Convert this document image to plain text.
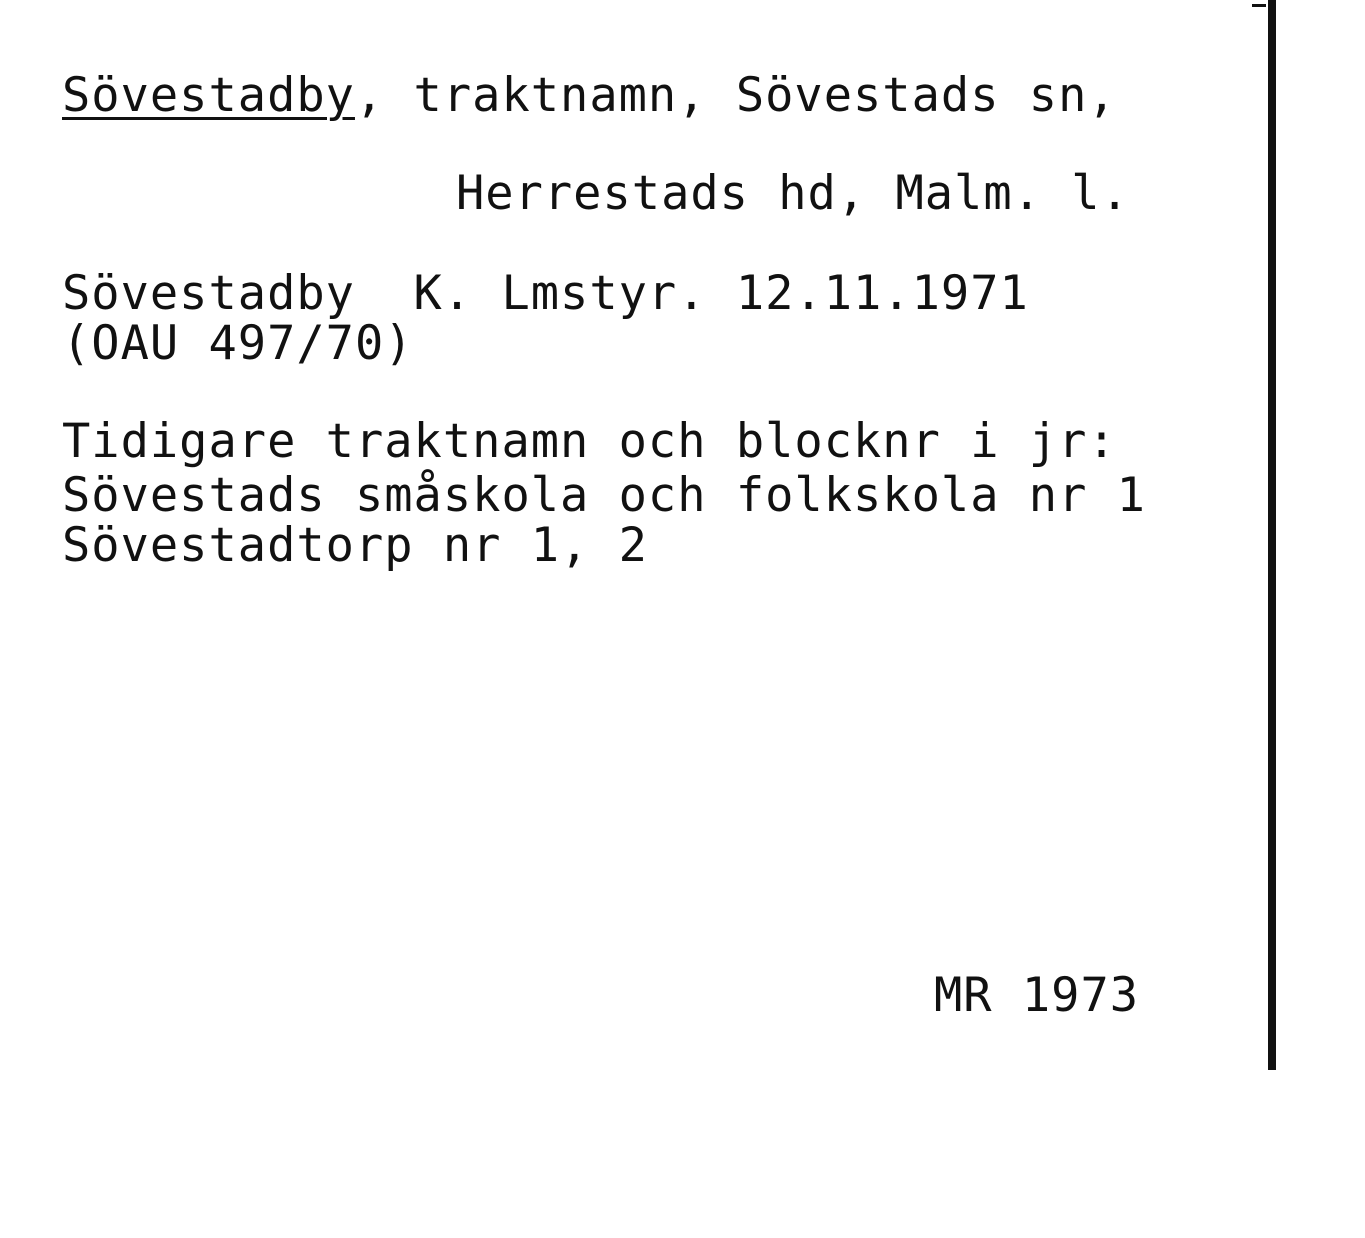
Sövestadby, traktnamn, Sövestads sn,

Herrestads hd, Malm. l.

Sövestadby  K. Lmstyr. 12.11.1971

(OAU 497/70)

Tidigare traktnamn och blocknr i jr:

Sövestads småskola och folkskola nr 1

Sövestadtorp nr 1, 2

MR 1973
